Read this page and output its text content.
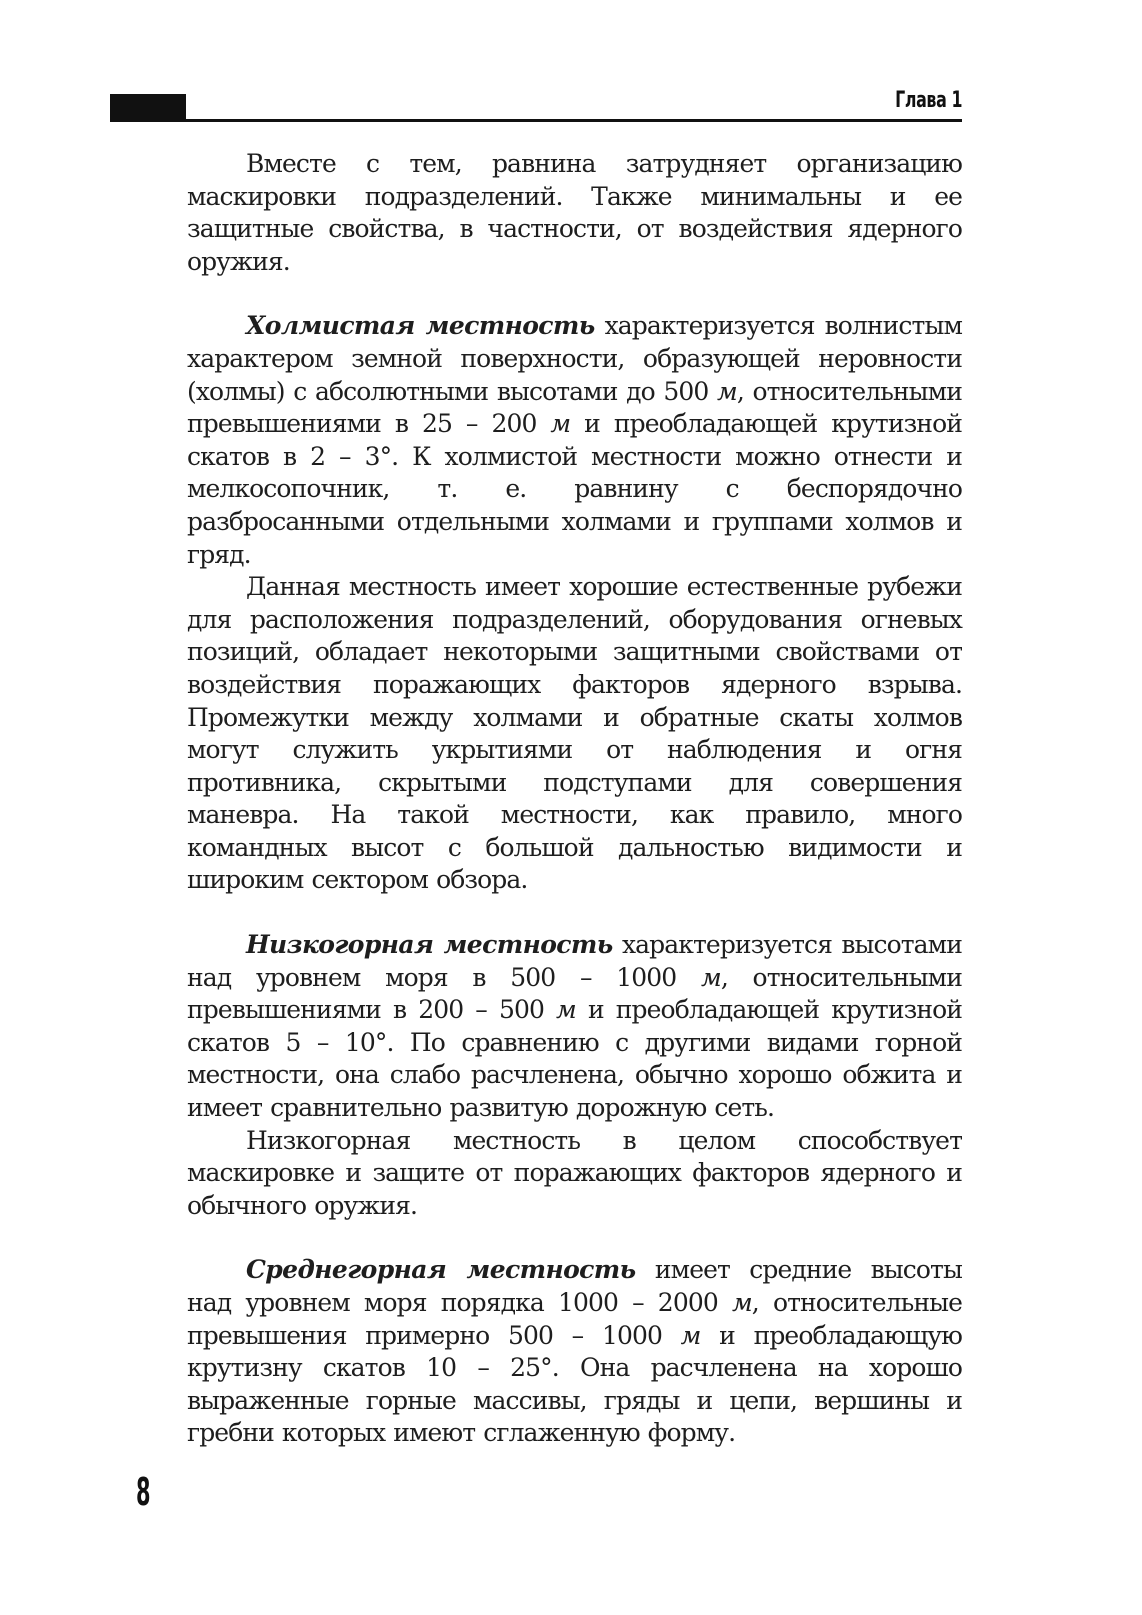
Глава 1

Вместе с тем, равнина затрудняет организацию маскировки подразделений. Также минимальны и ее защитные свойства, в частности, от воздействия ядерного оружия.

Холмистая местность характеризуется волнистым характером земной поверхности, образующей неровности (холмы) с абсолютными высотами до 500 м, относительными превышениями в 25 – 200 м и преобладающей крутизной скатов в 2 – 3°. К холмистой местности можно отнести и мелкосопочник, т. е. равнину с беспорядочно разбросанными отдельными холмами и группами холмов и гряд.

Данная местность имеет хорошие естественные рубежи для расположения подразделений, оборудования огневых позиций, обладает некоторыми защитными свойствами от воздействия поражающих факторов ядерного взрыва. Промежутки между холмами и обратные скаты холмов могут служить укрытиями от наблюдения и огня противника, скрытыми подступами для совершения маневра. На такой местности, как правило, много командных высот с большой дальностью видимости и широким сектором обзора.

Низкогорная местность характеризуется высотами над уровнем моря в 500 – 1000 м, относительными превышениями в 200 – 500 м и преобладающей крутизной скатов 5 – 10°. По сравнению с другими видами горной местности, она слабо расчленена, обычно хорошо обжита и имеет сравнительно развитую дорожную сеть.

Низкогорная местность в целом способствует маскировке и защите от поражающих факторов ядерного и обычного оружия.

Среднегорная местность имеет средние высоты над уровнем моря порядка 1000 – 2000 м, относительные превышения примерно 500 – 1000 м и преобладающую крутизну скатов 10 – 25°. Она расчленена на хорошо выраженные горные массивы, гряды и цепи, вершины и гребни которых имеют сглаженную форму.

8
